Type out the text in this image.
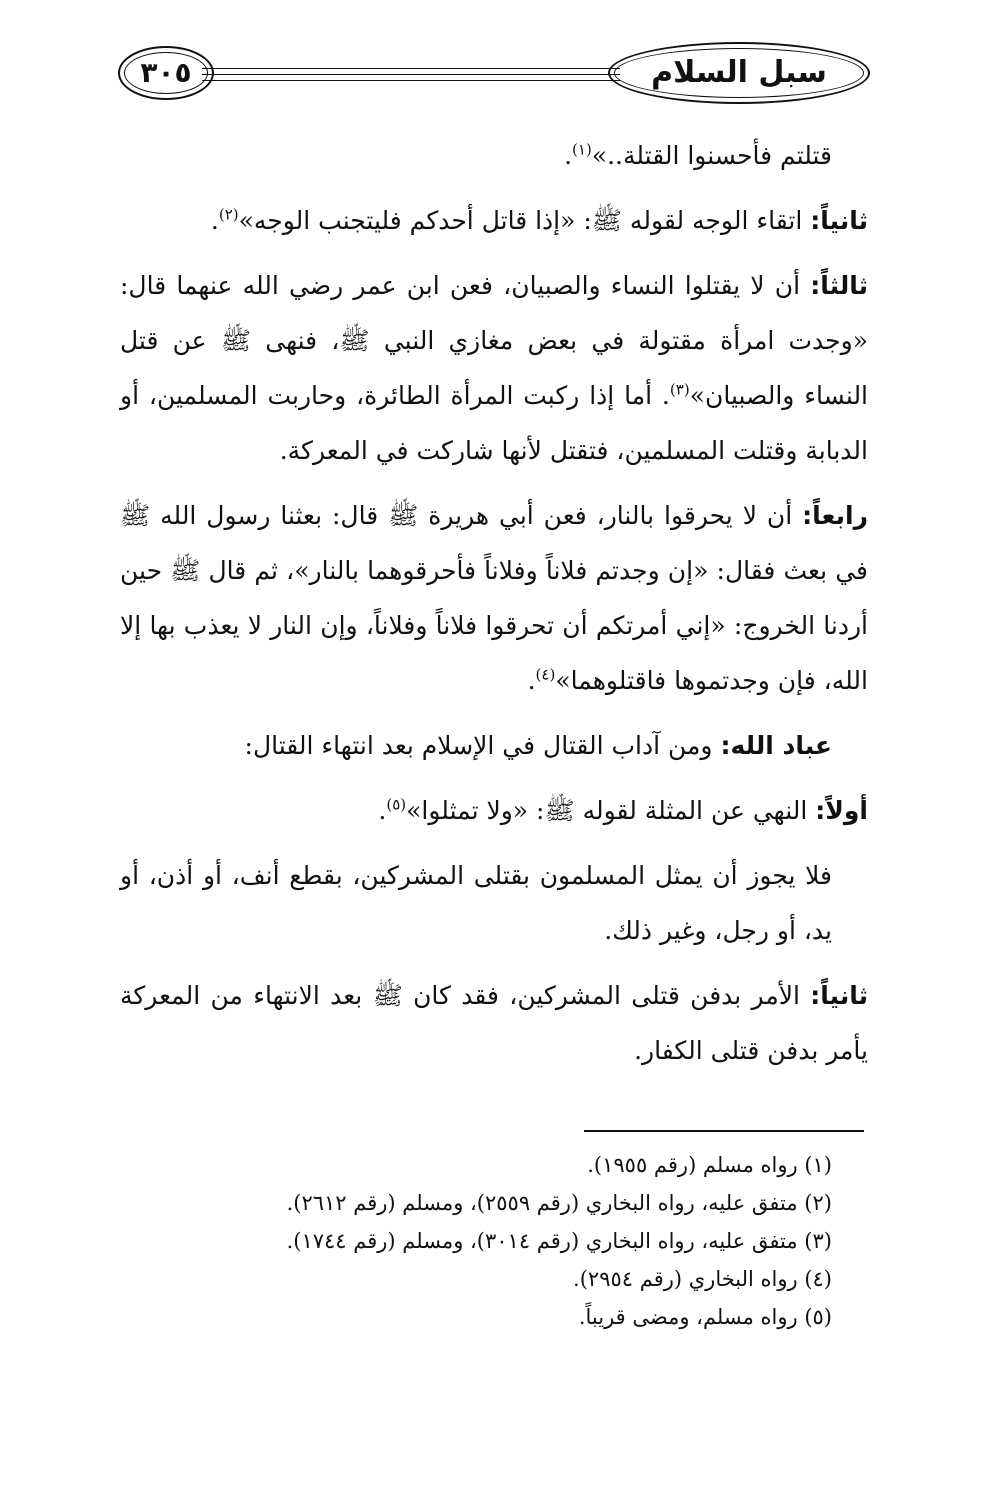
٣٠٥	سبل السلام

قتلتم فأحسنوا القتلة..»$^{(١)}$.

ثانياً: اتقاء الوجه لقوله ﷺ: «إذا قاتل أحدكم فليتجنب الوجه»$^{(٢)}$.

ثالثاً: أن لا يقتلوا النساء والصبيان، فعن ابن عمر رضي الله عنهما قال: «وجدت امرأة مقتولة في بعض مغازي النبي ﷺ، فنهى ﷺ عن قتل النساء والصبيان»$^{(٣)}$. أما إذا ركبت المرأة الطائرة، وحاربت المسلمين، أو الدبابة وقتلت المسلمين، فتقتل لأنها شاركت في المعركة.

رابعاً: أن لا يحرقوا بالنار، فعن أبي هريرة ﷺ قال: بعثنا رسول الله ﷺ في بعث فقال: «إن وجدتم فلاناً وفلاناً فأحرقوهما بالنار»، ثم قال ﷺ حين أردنا الخروج: «إني أمرتكم أن تحرقوا فلاناً وفلاناً، وإن النار لا يعذب بها إلا الله، فإن وجدتموها فاقتلوهما»$^{(٤)}$.

عباد الله: ومن آداب القتال في الإسلام بعد انتهاء القتال:

أولاً: النهي عن المثلة لقوله ﷺ: «ولا تمثلوا»$^{(٥)}$.

فلا يجوز أن يمثل المسلمون بقتلى المشركين، بقطع أنف، أو أذن، أو يد، أو رجل، وغير ذلك.

ثانياً: الأمر بدفن قتلى المشركين، فقد كان ﷺ بعد الانتهاء من المعركة يأمر بدفن قتلى الكفار.

(١) رواه مسلم (رقم ١٩٥٥).

(٢) متفق عليه، رواه البخاري (رقم ٢٥٥٩)، ومسلم (رقم ٢٦١٢).

(٣) متفق عليه، رواه البخاري (رقم ٣٠١٤)، ومسلم (رقم ١٧٤٤).

(٤) رواه البخاري (رقم ٢٩٥٤).

(٥) رواه مسلم، ومضى قريباً.
